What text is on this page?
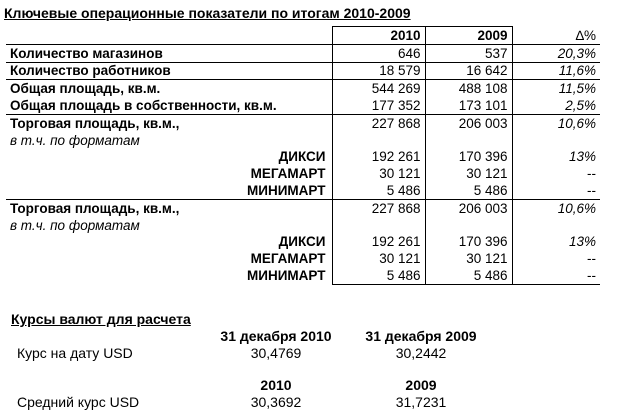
Ключевые операционные показатели по итогам 2010-2009
	2010	2009	∆%
Количество магазинов	646	537	20,3%
Количество работников	18 579	16 642	11,6%
Общая площадь, кв.м.	544 269	488 108	11,5%
Общая площадь в собственности, кв.м.	177 352	173 101	2,5%
Торговая площадь, кв.м.,	227 868	206 003	10,6%
в т.ч. по форматам			
ДИКСИ	192 261	170 396	13%
МЕГАМАРТ	30 121	30 121	--
МИНИМАРТ	5 486	5 486	--
Торговая площадь, кв.м.,	227 868	206 003	10,6%
в т.ч. по форматам			
ДИКСИ	192 261	170 396	13%
МЕГАМАРТ	30 121	30 121	--
МИНИМАРТ	5 486	5 486	--
Курсы валют для расчета
31 декабря 2010 31 декабря 2009
Курс на дату USD	30,4769	30,2442
2010	2009
Средний курс USD	30,3692	31,7231
